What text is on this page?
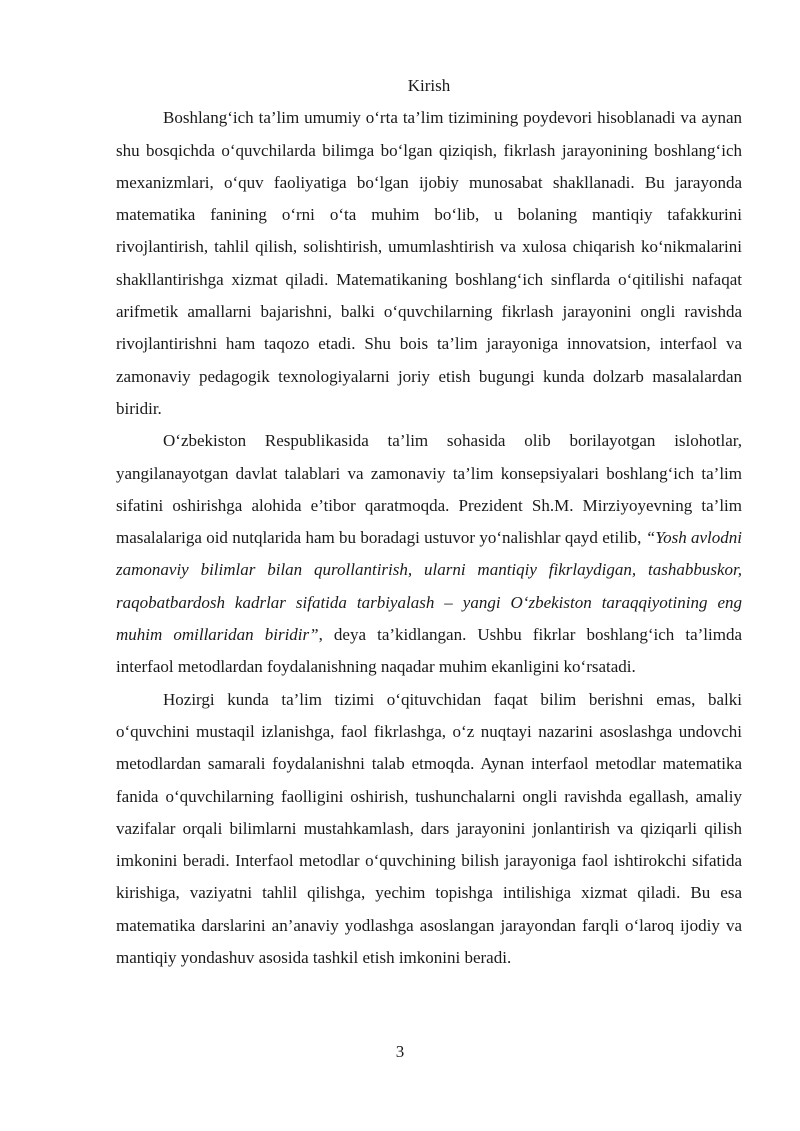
Kirish

Boshlang‘ich ta’lim umumiy o‘rta ta’lim tizimining poydevori hisoblanadi va aynan shu bosqichda o‘quvchilarda bilimga bo‘lgan qiziqish, fikrlash jarayonining boshlang‘ich mexanizmlari, o‘quv faoliyatiga bo‘lgan ijobiy munosabat shakllanadi. Bu jarayonda matematika fanining o‘rni o‘ta muhim bo‘lib, u bolaning mantiqiy tafakkurini rivojlantirish, tahlil qilish, solishtirish, umumlashtirish va xulosa chiqarish ko‘nikmalarini shakllantirishga xizmat qiladi. Matematikaning boshlang‘ich sinflarda o‘qitilishi nafaqat arifmetik amallarni bajarishni, balki o‘quvchilarning fikrlash jarayonini ongli ravishda rivojlantirishni ham taqozo etadi. Shu bois ta’lim jarayoniga innovatsion, interfaol va zamonaviy pedagogik texnologiyalarni joriy etish bugungi kunda dolzarb masalalardan biridir.

O‘zbekiston Respublikasida ta’lim sohasida olib borilayotgan islohotlar, yangilanayotgan davlat talablari va zamonaviy ta’lim konsepsiyalari boshlang‘ich ta’lim sifatini oshirishga alohida e’tibor qaratmoqda. Prezident Sh.M. Mirziyoyevning ta’lim masalalariga oid nutqlarida ham bu boradagi ustuvor yo‘nalishlar qayd etilib, “Yosh avlodni zamonaviy bilimlar bilan qurollantirish, ularni mantiqiy fikrlaydigan, tashabbuskor, raqobatbardosh kadrlar sifatida tarbiyalash – yangi O‘zbekiston taraqqiyotining eng muhim omillaridan biridir”, deya ta’kidlangan. Ushbu fikrlar boshlang‘ich ta’limda interfaol metodlardan foydalanishning naqadar muhim ekanligini ko‘rsatadi.

Hozirgi kunda ta’lim tizimi o‘qituvchidan faqat bilim berishni emas, balki o‘quvchini mustaqil izlanishga, faol fikrlashga, o‘z nuqtayi nazarini asoslashga undovchi metodlardan samarali foydalanishni talab etmoqda. Aynan interfaol metodlar matematika fanida o‘quvchilarning faolligini oshirish, tushunchalarni ongli ravishda egallash, amaliy vazifalar orqali bilimlarni mustahkamlash, dars jarayonini jonlantirish va qiziqarli qilish imkonini beradi. Interfaol metodlar o‘quvchining bilish jarayoniga faol ishtirokchi sifatida kirishiga, vaziyatni tahlil qilishga, yechim topishga intilishiga xizmat qiladi. Bu esa matematika darslarini an’anaviy yodlashga asoslangan jarayondan farqli o‘laroq ijodiy va mantiqiy yondashuv asosida tashkil etish imkonini beradi.

3
